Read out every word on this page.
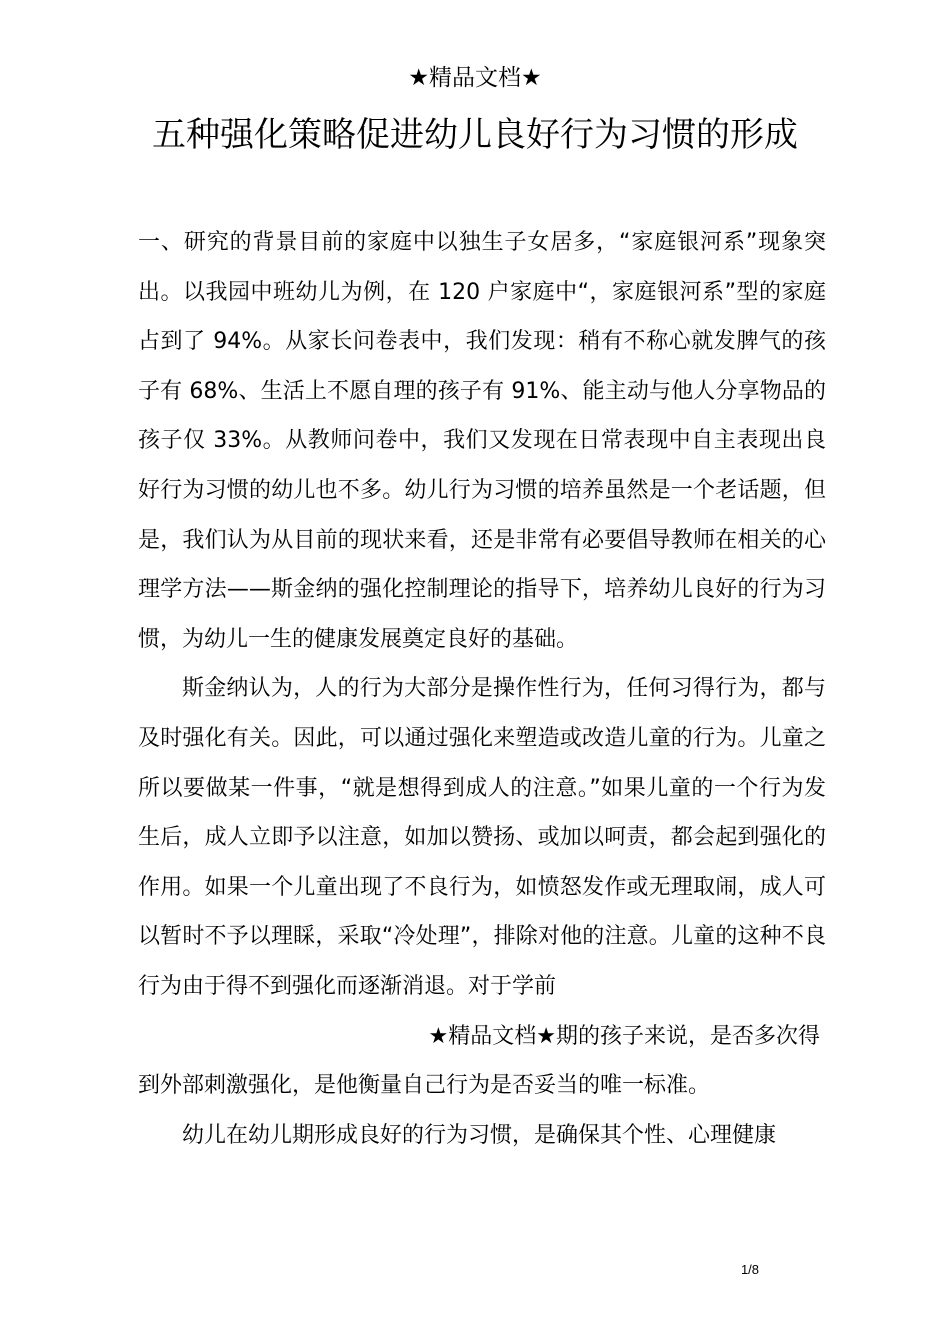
★精品文档★
五种强化策略促进幼儿良好行为习惯的形成

一、研究的背景目前的家庭中以独生子女居多，“家庭银河系”现象突出。以我园中班幼儿为例，在 120 户家庭中“，家庭银河系”型的家庭占到了 94%。从家长问卷表中，我们发现：稍有不称心就发脾气的孩子有 68%、生活上不愿自理的孩子有 91%、能主动与他人分享物品的孩子仅 33%。从教师问卷中，我们又发现在日常表现中自主表现出良好行为习惯的幼儿也不多。幼儿行为习惯的培养虽然是一个老话题，但是，我们认为从目前的现状来看，还是非常有必要倡导教师在相关的心理学方法——斯金纳的强化控制理论的指导下，培养幼儿良好的行为习惯，为幼儿一生的健康发展奠定良好的基础。

斯金纳认为，人的行为大部分是操作性行为，任何习得行为，都与及时强化有关。因此，可以通过强化来塑造或改造儿童的行为。儿童之所以要做某一件事，“就是想得到成人的注意。”如果儿童的一个行为发生后，成人立即予以注意，如加以赞扬、或加以呵责，都会起到强化的作用。如果一个儿童出现了不良行为，如愤怒发作或无理取闹，成人可以暂时不予以理睬，采取“冷处理”，排除对他的注意。儿童的这种不良行为由于得不到强化而逐渐消退。对于学前

★精品文档★期的孩子来说，是否多次得

到外部刺激强化，是他衡量自己行为是否妥当的唯一标准。

幼儿在幼儿期形成良好的行为习惯，是确保其个性、心理健康

1/8
